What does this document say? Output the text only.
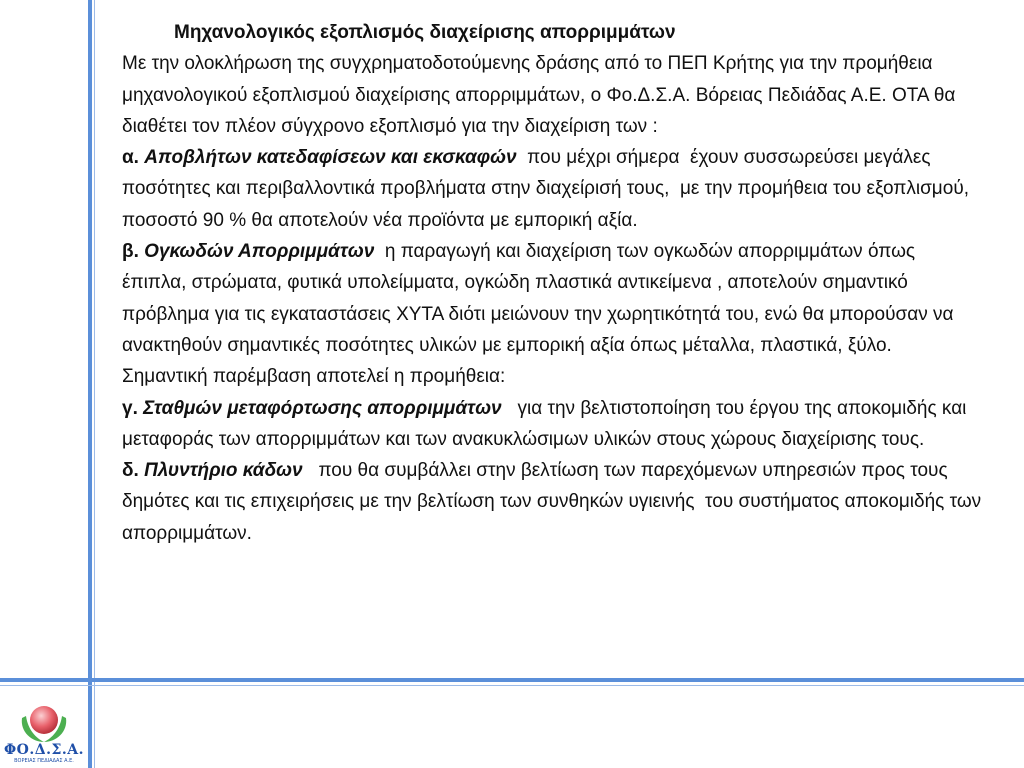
Μηχανολογικός εξοπλισμός διαχείρισης απορριμμάτων
Με την ολοκλήρωση της συγχρηματοδοτούμενης δράσης από το ΠΕΠ Κρήτης για την προμήθεια μηχανολογικού εξοπλισμού διαχείρισης απορριμμάτων, ο Φο.Δ.Σ.Α. Βόρειας Πεδιάδας Α.Ε. ΟΤΑ θα διαθέτει τον πλέον σύγχρονο εξοπλισμό για την διαχείριση των :
α. Αποβλήτων κατεδαφίσεων και εκσκαφών  που μέχρι σήμερα  έχουν συσσωρεύσει μεγάλες ποσότητες και περιβαλλοντικά προβλήματα στην διαχείρισή τους,  με την προμήθεια του εξοπλισμού,  ποσοστό 90 % θα αποτελούν νέα προϊόντα με εμπορική αξία.
β. Ογκωδών Απορριμμάτων  η παραγωγή και διαχείριση των ογκωδών απορριμμάτων όπως έπιπλα, στρώματα, φυτικά υπολείμματα, ογκώδη πλαστικά αντικείμενα , αποτελούν σημαντικό πρόβλημα για τις εγκαταστάσεις ΧΥΤΑ διότι μειώνουν την χωρητικότητά του, ενώ θα μπορούσαν να ανακτηθούν σημαντικές ποσότητες υλικών με εμπορική αξία όπως μέταλλα, πλαστικά, ξύλο.
Σημαντική παρέμβαση αποτελεί η προμήθεια:
γ. Σταθμών μεταφόρτωσης απορριμμάτων   για την βελτιστοποίηση του έργου της αποκομιδής και μεταφοράς των απορριμμάτων και των ανακυκλώσιμων υλικών στους χώρους διαχείρισης τους.
δ. Πλυντήριο κάδων   που θα συμβάλλει στην βελτίωση των παρεχόμενων υπηρεσιών προς τους δημότες και τις επιχειρήσεις με την βελτίωση των συνθηκών υγιεινής  του συστήματος αποκομιδής των απορριμμάτων.
ΦΟ.Δ.Σ.Α.
ΒΟΡΕΙΑΣ ΠΕΔΙΑΔΑΣ Α.Ε.
